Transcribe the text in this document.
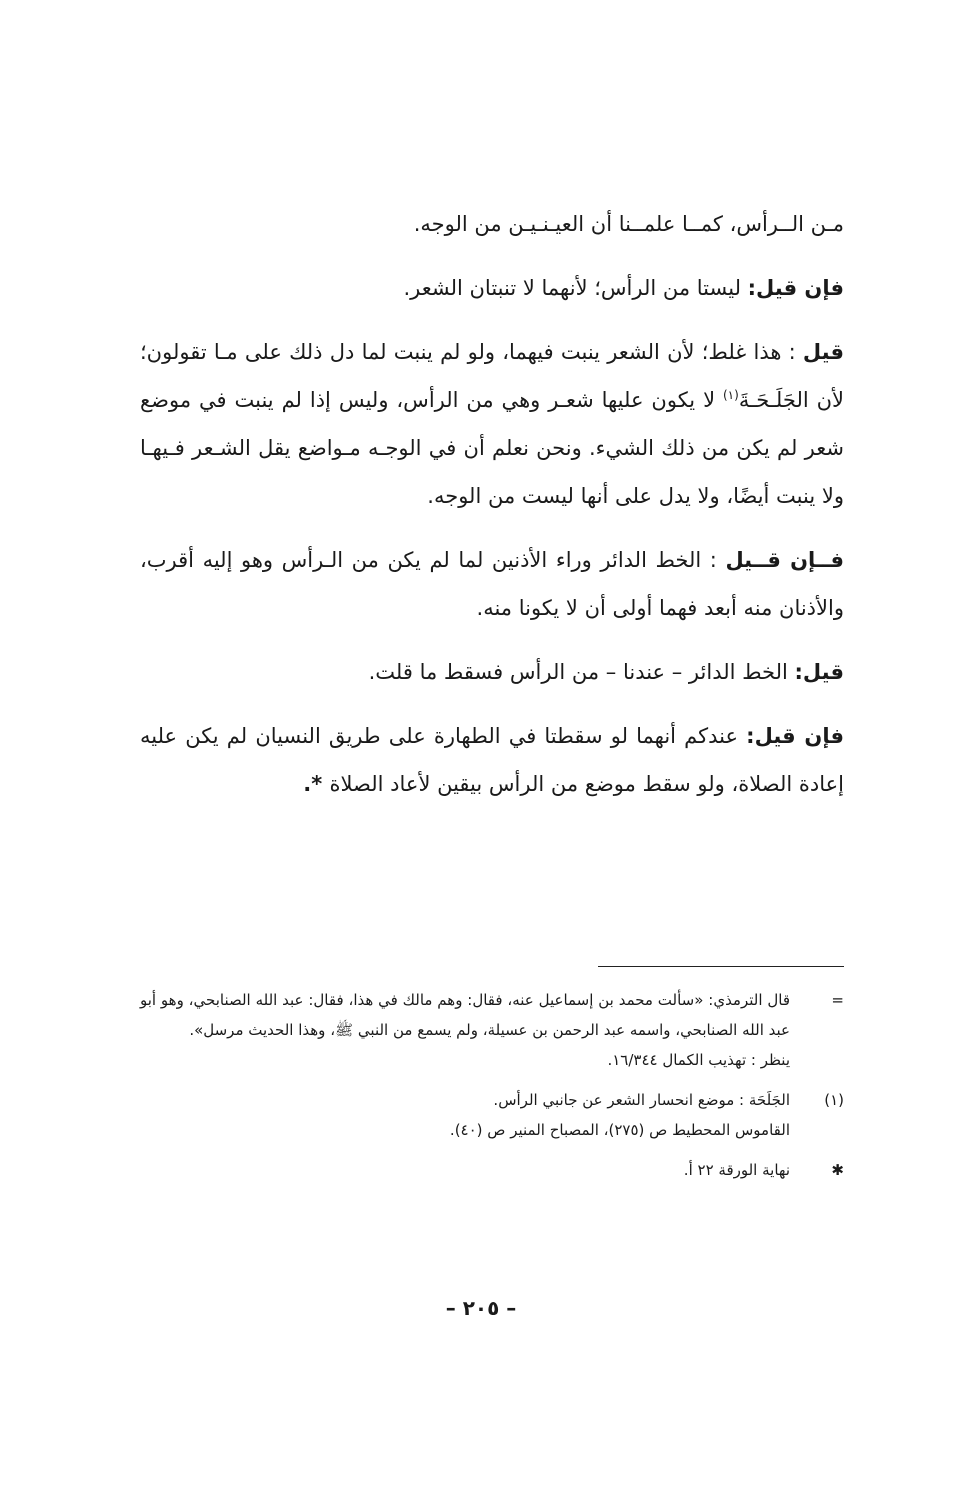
مـن الــرأس، كمــا علمــنا أن العيـنـيـن من الوجه.

فإن قيل: ليستا من الرأس؛ لأنهما لا تنبتان الشعر.

قيل : هذا غلط؛ لأن الشعر ينبت فيهما، ولو لم ينبت لما دل ذلك على مـا تقولون؛ لأن الجَلَـحَـةَ$^{(١)}$ لا يكون عليها شعـر وهي من الرأس، وليس إذا لم ينبت في موضع شعر لم يكن من ذلك الشيء. ونحن نعلم أن في الوجـه مـواضع يقل الشـعر فـيهـا ولا ينبت أيضًا، ولا يدل على أنها ليست من الوجه.

فــإن قــيل : الخط الدائر وراء الأذنين لما لم يكن من الـرأس وهو إليه أقرب، والأذنان منه أبعد فهما أولى أن لا يكونا منه.

قيل: الخط الدائر – عندنا – من الرأس فسقط ما قلت.

فإن قيل: عندكم أنهما لو سقطتا في الطهارة على طريق النسيان لم يكن عليه إعادة الصلاة، ولو سقط موضع من الرأس بيقين لأعاد الصلاة *.

=
قال الترمذي: «سألت محمد بن إسماعيل عنه، فقال: وهم مالك في هذا، فقال: عبد الله الصنابحي، وهو أبو عبد الله الصنابحي، واسمه عبد الرحمن بن عسيلة، ولم يسمع من النبي ﷺ، وهذا الحديث مرسل».
ينظر : تهذيب الكمال ١٦/٣٤٤.
(١)
الجَلَحَة : موضع انحسار الشعر عن جانبي الرأس.
القاموس المحطيط ص (٢٧٥)، المصباح المنير ص (٤٠).
✱
نهاية الورقة ٢٢ أ.
– ٢٠٥ –
